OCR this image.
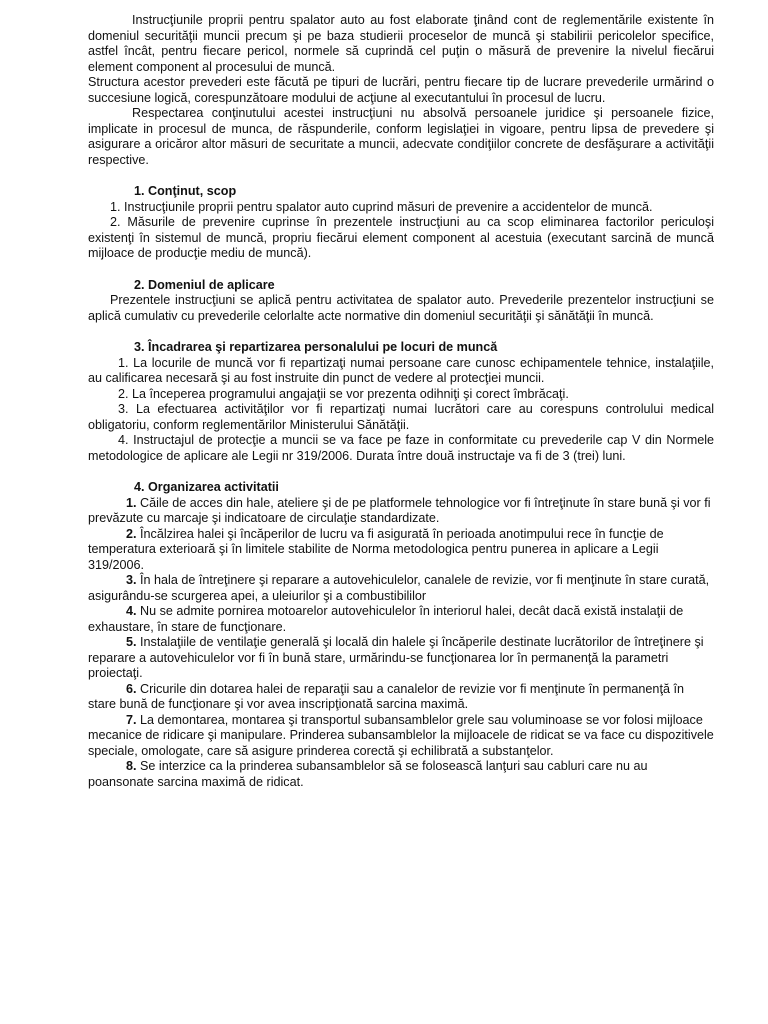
Instrucţiunile proprii pentru spalator auto au fost elaborate ţinând cont de reglementările existente în domeniul securităţii muncii precum şi pe baza studierii proceselor de muncă şi stabilirii pericolelor specifice, astfel încât, pentru fiecare pericol, normele să cuprindă cel puţin o măsură de prevenire la nivelul fiecărui element component al procesului de muncă.

Structura acestor prevederi este făcută pe tipuri de lucrări, pentru fiecare tip de lucrare prevederile urmărind o succesiune logică, corespunzătoare modului de acţiune al executantului în procesul de lucru.

Respectarea conţinutului acestei instrucţiuni nu absolvă persoanele juridice şi persoanele fizice, implicate in procesul de munca, de răspunderile, conform legislaţiei in vigoare, pentru lipsa de prevedere şi asigurare a oricăror altor măsuri de securitate a muncii, adecvate condiţiilor concrete de desfăşurare a activităţii respective.

1. Conţinut, scop

1. Instrucţiunile proprii pentru spalator auto cuprind măsuri de prevenire a accidentelor de muncă.

2. Măsurile de prevenire cuprinse în prezentele instrucţiuni au ca scop eliminarea factorilor periculoşi existenţi în sistemul de muncă, propriu fiecărui element component al acestuia (executant sarcină de muncă mijloace de producţie mediu de muncă).

2. Domeniul de aplicare

Prezentele instrucţiuni se aplică pentru activitatea de spalator auto. Prevederile prezentelor instrucţiuni se aplică cumulativ cu prevederile celorlalte acte normative din domeniul securităţii şi sănătăţii în muncă.

3. Încadrarea şi repartizarea personalului pe locuri de muncă

1. La locurile de muncă vor fi repartizaţi numai persoane care cunosc echipamentele tehnice, instalaţiile, au calificarea necesară şi au fost instruite din punct de vedere al protecţiei muncii.

2. La începerea programului angajaţii se vor prezenta odihniţi şi corect îmbrăcaţi.

3. La efectuarea activităţilor vor fi repartizaţi numai lucrători care au corespuns controlului medical obligatoriu, conform reglementărilor Ministerului Sănătăţii.

4. Instructajul de protecţie a muncii se va face pe faze in conformitate cu prevederile cap V din Normele metodologice de aplicare ale Legii nr 319/2006. Durata între două instructaje va fi de 3 (trei) luni.

4. Organizarea activitatii

1. Căile de acces din hale, ateliere şi de pe platformele tehnologice vor fi întreţinute în stare bună şi vor fi prevăzute cu marcaje şi indicatoare de circulaţie standardizate.

2. Încălzirea halei şi încăperilor de lucru va fi asigurată în perioada anotimpului rece în funcţie de temperatura exterioară şi în limitele stabilite de Norma metodologica pentru punerea in aplicare a Legii 319/2006.

3. În hala de întreţinere şi reparare a autovehiculelor, canalele de revizie, vor fi menţinute în stare curată, asigurându-se scurgerea apei, a uleiurilor şi a combustibililor

4. Nu se admite pornirea motoarelor autovehiculelor în interiorul halei, decât dacă există instalaţii de exhaustare, în stare de funcţionare.

5. Instalaţiile de ventilaţie generală şi locală din halele şi încăperile destinate lucrătorilor de întreţinere şi reparare a autovehiculelor vor fi în bună stare, urmărindu-se funcţionarea lor în permanenţă la parametri proiectaţi.

6. Cricurile din dotarea halei de reparaţii sau a canalelor de revizie vor fi menţinute în permanenţă în stare bună de funcţionare şi vor avea inscripţionată sarcina maximă.

7. La demontarea, montarea şi transportul subansamblelor grele sau voluminoase se vor folosi mijloace mecanice de ridicare şi manipulare. Prinderea subansamblelor la mijloacele de ridicat se va face cu dispozitivele speciale, omologate, care să asigure prinderea corectă şi echilibrată a substanţelor.

8. Se interzice ca la prinderea subansamblelor să se folosească lanţuri sau cabluri care nu au poansonate sarcina maximă de ridicat.
